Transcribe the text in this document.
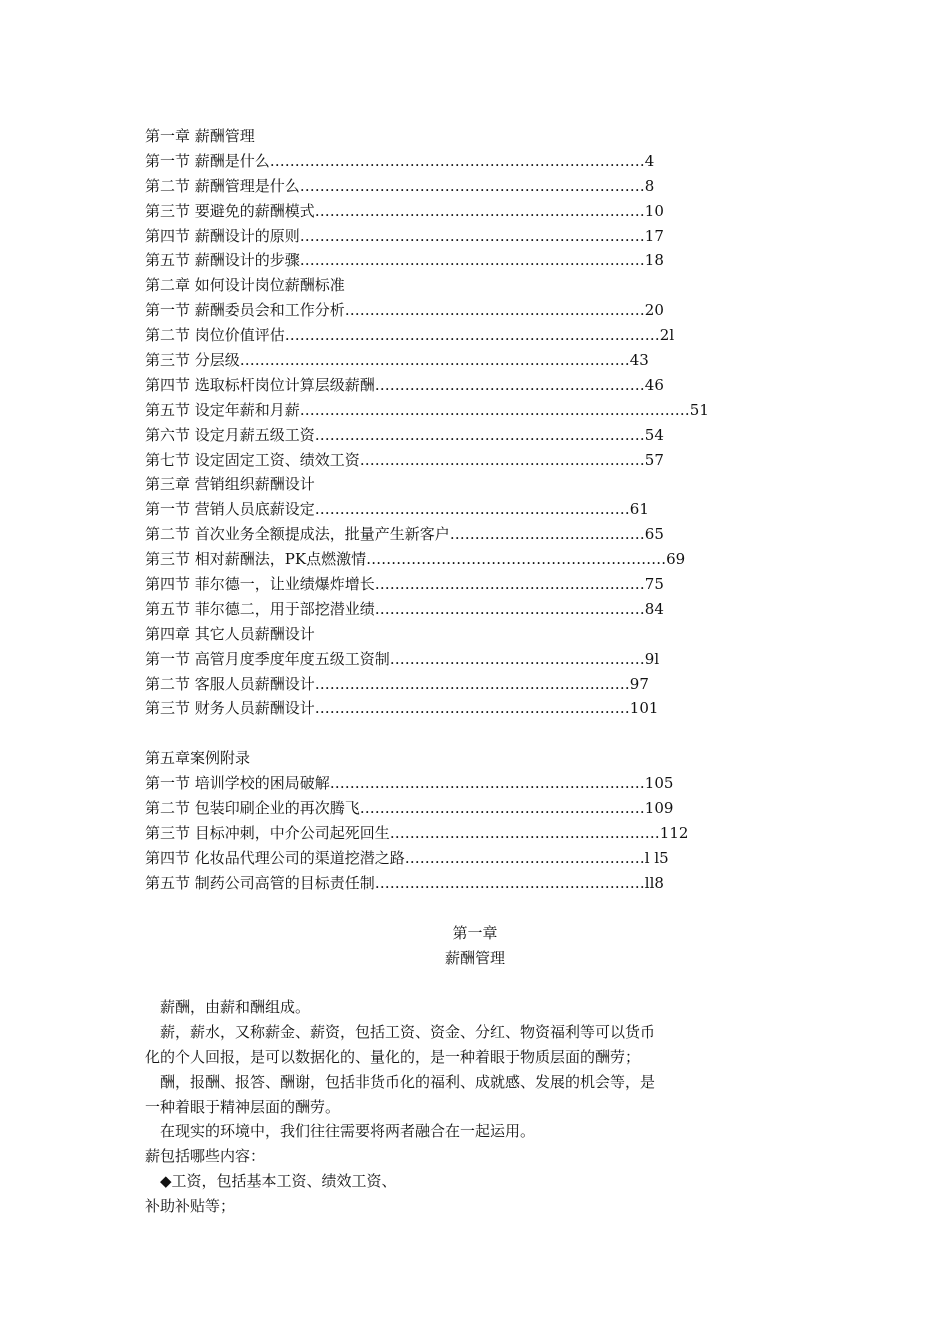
第一章 薪酬管理
第一节 薪酬是什么…………………………………………………………………4
第二节 薪酬管理是什么……………………………………………………………8
第三节 要避免的薪酬模式…………………………………………………………10
第四节 薪酬设计的原则……………………………………………………………17
第五节 薪酬设计的步骤……………………………………………………………18
第二章 如何设计岗位薪酬标准
第一节 薪酬委员会和工作分析……………………………………………………20
第二节 岗位价值评估…………………………………………………………………2l
第三节 分层级……………………………………………………………………43
第四节 选取标杆岗位计算层级薪酬………………………………………………46
第五节 设定年薪和月薪……………………………………………………………………51
第六节 设定月薪五级工资…………………………………………………………54
第七节 设定固定工资、绩效工资…………………………………………………57
第三章 营销组织薪酬设计
第一节 营销人员底薪设定………………………………………………………61
第二节 首次业务全额提成法，批量产生新客户…………………………………65
第三节 相对薪酬法，PK点燃激情……………………………………………………69
第四节 菲尔德一，让业绩爆炸增长………………………………………………75
第五节 菲尔德二，用于部挖潜业绩………………………………………………84
第四章 其它人员薪酬设计
第一节 高管月度季度年度五级工资制……………………………………………9l
第二节 客服人员薪酬设计………………………………………………………97
第三节 财务人员薪酬设计………………………………………………………101
第五章案例附录
第一节 培训学校的困局破解………………………………………………………105
第二节 包装印刷企业的再次腾飞…………………………………………………109
第三节 目标冲刺，中介公司起死回生………………………………………………112
第四节 化妆品代理公司的渠道挖潜之路…………………………………………l l5
第五节 制药公司高管的目标责任制………………………………………………ll8
第一章
薪酬管理
　薪酬，由薪和酬组成。
　薪，薪水，又称薪金、薪资，包括工资、资金、分红、物资福利等可以货币
化的个人回报，是可以数据化的、量化的，是一种着眼于物质层面的酬劳；
　酬，报酬、报答、酬谢，包括非货币化的福利、成就感、发展的机会等，是
一种着眼于精神层面的酬劳。
　在现实的环境中，我们往往需要将两者融合在一起运用。
薪包括哪些内容：
　◆工资，包括基本工资、绩效工资、
补助补贴等；
